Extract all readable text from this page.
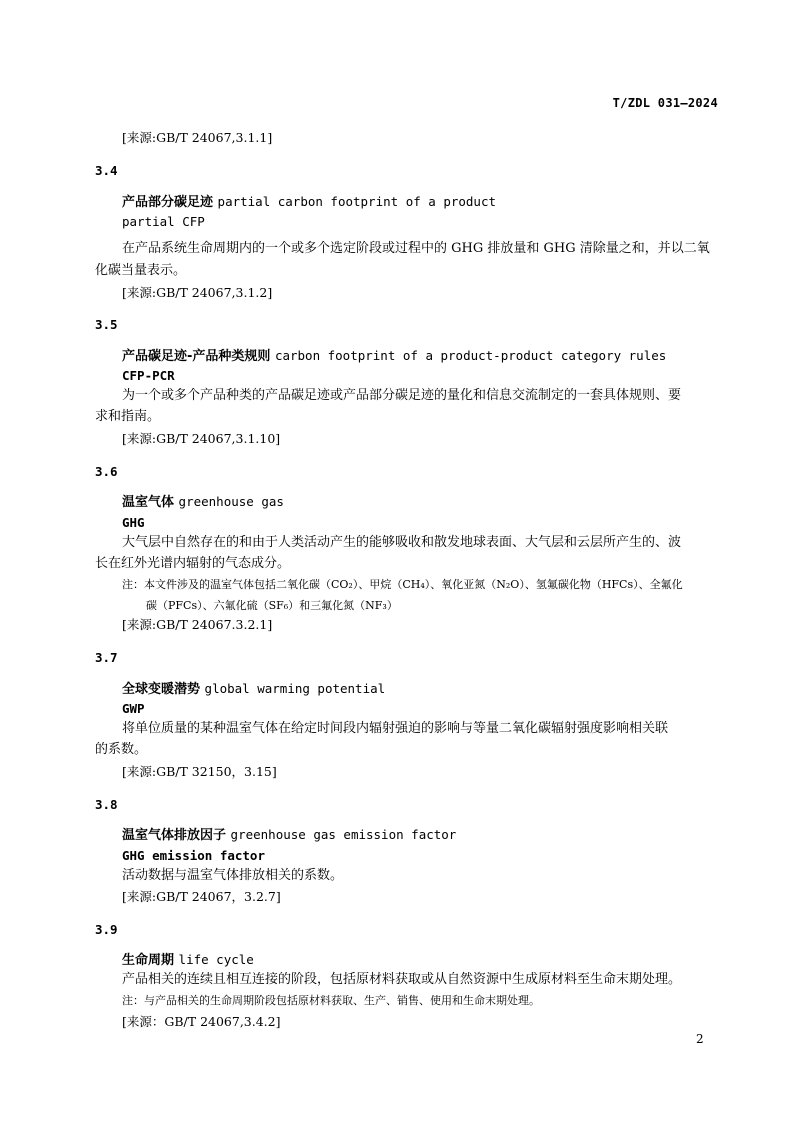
T/ZDL 031—2024
[来源:GB/T 24067,3.1.1]
3.4
产品部分碳足迹 partial carbon footprint of a product
partial CFP
在产品系统生命周期内的一个或多个选定阶段或过程中的 GHG 排放量和 GHG 清除量之和，并以二氧
化碳当量表示。
[来源:GB/T 24067,3.1.2]
3.5
产品碳足迹-产品种类规则 carbon footprint of a product-product category rules
CFP-PCR
为一个或多个产品种类的产品碳足迹或产品部分碳足迹的量化和信息交流制定的一套具体规则、要
求和指南。
[来源:GB/T 24067,3.1.10]
3.6
温室气体 greenhouse gas
GHG
大气层中自然存在的和由于人类活动产生的能够吸收和散发地球表面、大气层和云层所产生的、波
长在红外光谱内辐射的气态成分。
注：本文件涉及的温室气体包括二氧化碳（CO₂）、甲烷（CH₄）、氧化亚氮（N₂O）、氢氟碳化物（HFCs）、全氟化
碳（PFCs）、六氟化硫（SF₆）和三氟化氮（NF₃）
[来源:GB/T 24067.3.2.1]
3.7
全球变暖潜势 global warming potential
GWP
将单位质量的某种温室气体在给定时间段内辐射强迫的影响与等量二氧化碳辐射强度影响相关联
的系数。
[来源:GB/T 32150，3.15]
3.8
温室气体排放因子 greenhouse gas emission factor
GHG emission factor
活动数据与温室气体排放相关的系数。
[来源:GB/T 24067，3.2.7]
3.9
生命周期 life cycle
产品相关的连续且相互连接的阶段，包括原材料获取或从自然资源中生成原材料至生命末期处理。
注：与产品相关的生命周期阶段包括原材料获取、生产、销售、使用和生命末期处理。
[来源：GB/T 24067,3.4.2]
2
